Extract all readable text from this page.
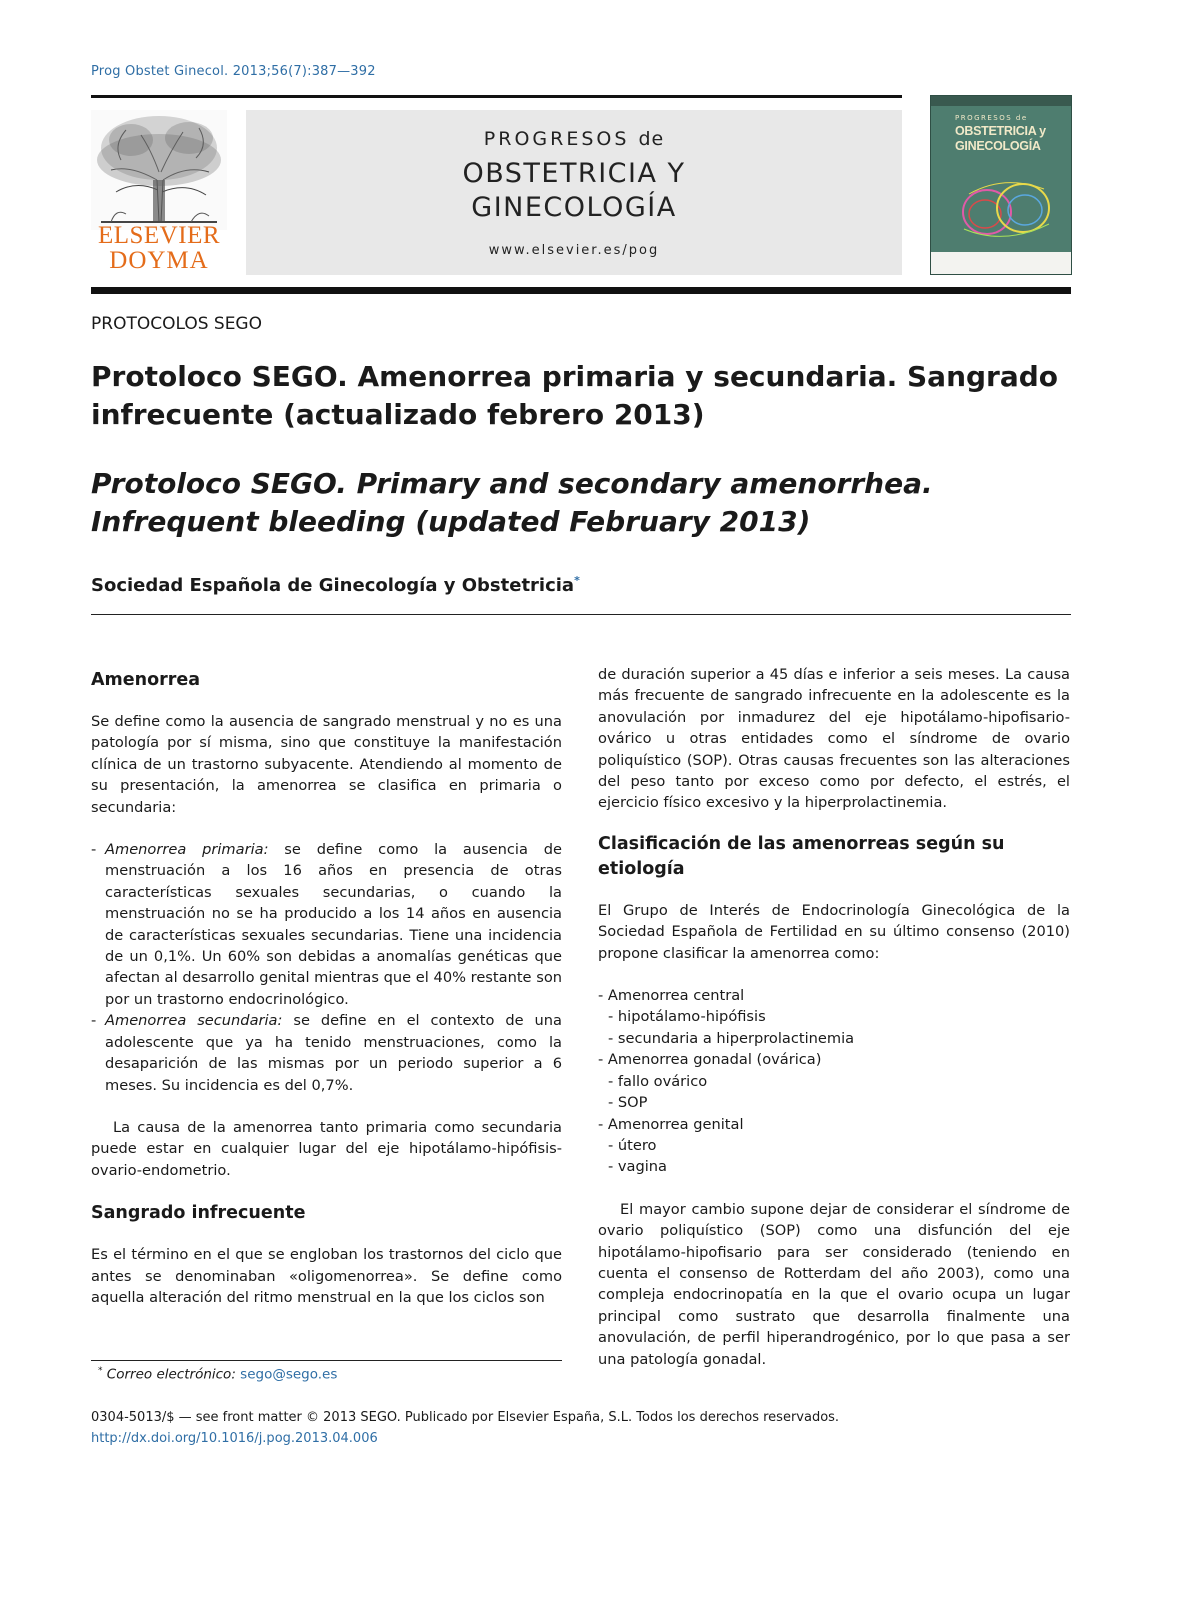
Prog Obstet Ginecol. 2013;56(7):387—392
ELSEVIER
DOYMA
PROGRESOS de
OBSTETRICIA Y
GINECOLOGÍA
www.elsevier.es/pog
PROGRESOS de
OBSTETRICIA y
GINECOLOGÍA
PROTOCOLOS SEGO
Protoloco SEGO. Amenorrea primaria y secundaria. Sangrado infrecuente (actualizado febrero 2013)
Protoloco SEGO. Primary and secondary amenorrhea. Infrequent bleeding (updated February 2013)
Sociedad Española de Ginecología y Obstetricia*
Amenorrea

Se define como la ausencia de sangrado menstrual y no es una patología por sí misma, sino que constituye la manifestación clínica de un trastorno subyacente. Atendiendo al momento de su presentación, la amenorrea se clasifica en primaria o secundaria:

- Amenorrea primaria: se define como la ausencia de menstruación a los 16 años en presencia de otras características sexuales secundarias, o cuando la menstruación no se ha producido a los 14 años en ausencia de características sexuales secundarias. Tiene una incidencia de un 0,1%. Un 60% son debidas a anomalías genéticas que afectan al desarrollo genital mientras que el 40% restante son por un trastorno endocrinológico.
- Amenorrea secundaria: se define en el contexto de una adolescente que ya ha tenido menstruaciones, como la desaparición de las mismas por un periodo superior a 6 meses. Su incidencia es del 0,7%.

La causa de la amenorrea tanto primaria como secundaria puede estar en cualquier lugar del eje hipotálamo-hipófisis-ovario-endometrio.

Sangrado infrecuente

Es el término en el que se engloban los trastornos del ciclo que antes se denominaban «oligomenorrea». Se define como aquella alteración del ritmo menstrual en la que los ciclos son

de duración superior a 45 días e inferior a seis meses. La causa más frecuente de sangrado infrecuente en la adolescente es la anovulación por inmadurez del eje hipotálamo-hipofisario-ovárico u otras entidades como el síndrome de ovario poliquístico (SOP). Otras causas frecuentes son las alteraciones del peso tanto por exceso como por defecto, el estrés, el ejercicio físico excesivo y la hiperprolactinemia.

Clasificación de las amenorreas según su etiología

El Grupo de Interés de Endocrinología Ginecológica de la Sociedad Española de Fertilidad en su último consenso (2010) propone clasificar la amenorrea como:

- Amenorrea central
- hipotálamo-hipófisis
- secundaria a hiperprolactinemia
- Amenorrea gonadal (ovárica)
- fallo ovárico
- SOP
- Amenorrea genital
- útero
- vagina

El mayor cambio supone dejar de considerar el síndrome de ovario poliquístico (SOP) como una disfunción del eje hipotálamo-hipofisario para ser considerado (teniendo en cuenta el consenso de Rotterdam del año 2003), como una compleja endocrinopatía en la que el ovario ocupa un lugar principal como sustrato que desarrolla finalmente una anovulación, de perfil hiperandrogénico, por lo que pasa a ser una patología gonadal.

* Correo electrónico: sego@sego.es
0304-5013/$ — see front matter © 2013 SEGO. Publicado por Elsevier España, S.L. Todos los derechos reservados.
http://dx.doi.org/10.1016/j.pog.2013.04.006
